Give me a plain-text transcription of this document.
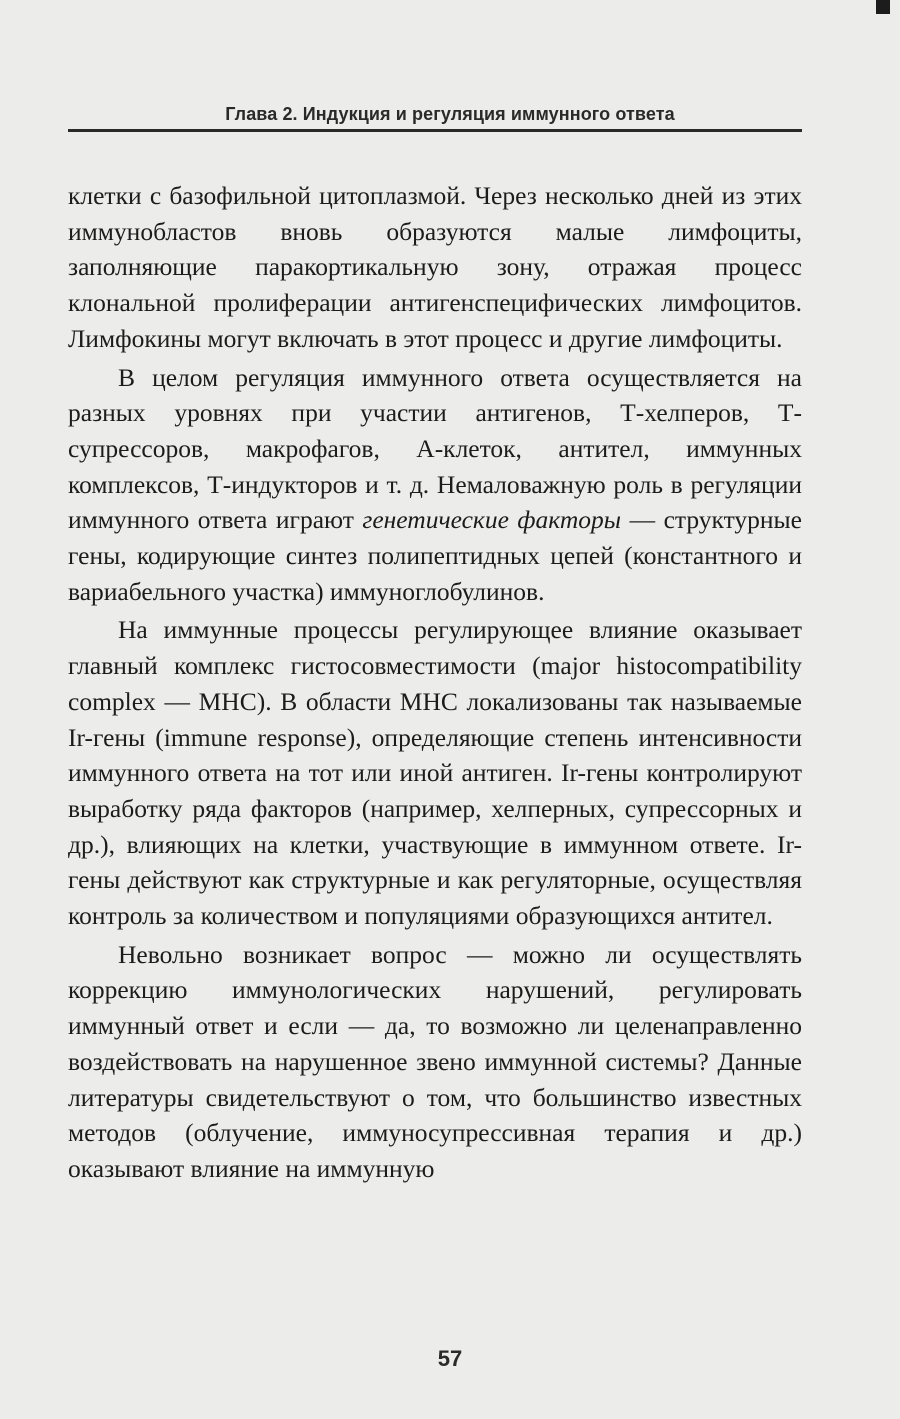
Глава 2. Индукция и регуляция иммунного ответа

клетки с базофильной цитоплазмой. Через несколько дней из этих иммунобластов вновь образуются малые лимфоциты, заполняющие паракортикальную зону, отражая процесс клональной пролиферации антигенспецифических лимфоцитов. Лимфокины могут включать в этот процесс и другие лимфоциты.

В целом регуляция иммунного ответа осуществляется на разных уровнях при участии антигенов, Т-хелперов, Т-супрессоров, макрофагов, А-клеток, антител, иммунных комплексов, Т-индукторов и т. д. Немаловажную роль в регуляции иммунного ответа играют генетические факторы — структурные гены, кодирующие синтез полипептидных цепей (константного и вариабельного участка) иммуноглобулинов.

На иммунные процессы регулирующее влияние оказывает главный комплекс гистосовместимости (major histocompatibility complex — МНС). В области МНС локализованы так называемые Ir-гены (immune response), определяющие степень интенсивности иммунного ответа на тот или иной антиген. Ir-гены контролируют выработку ряда факторов (например, хелперных, супрессорных и др.), влияющих на клетки, участвующие в иммунном ответе. Ir-гены действуют как структурные и как регуляторные, осуществляя контроль за количеством и популяциями образующихся антител.

Невольно возникает вопрос — можно ли осуществлять коррекцию иммунологических нарушений, регулировать иммунный ответ и если — да, то возможно ли целенаправленно воздействовать на нарушенное звено иммунной системы? Данные литературы свидетельствуют о том, что большинство известных методов (облучение, иммуносупрессивная терапия и др.) оказывают влияние на иммунную

57
